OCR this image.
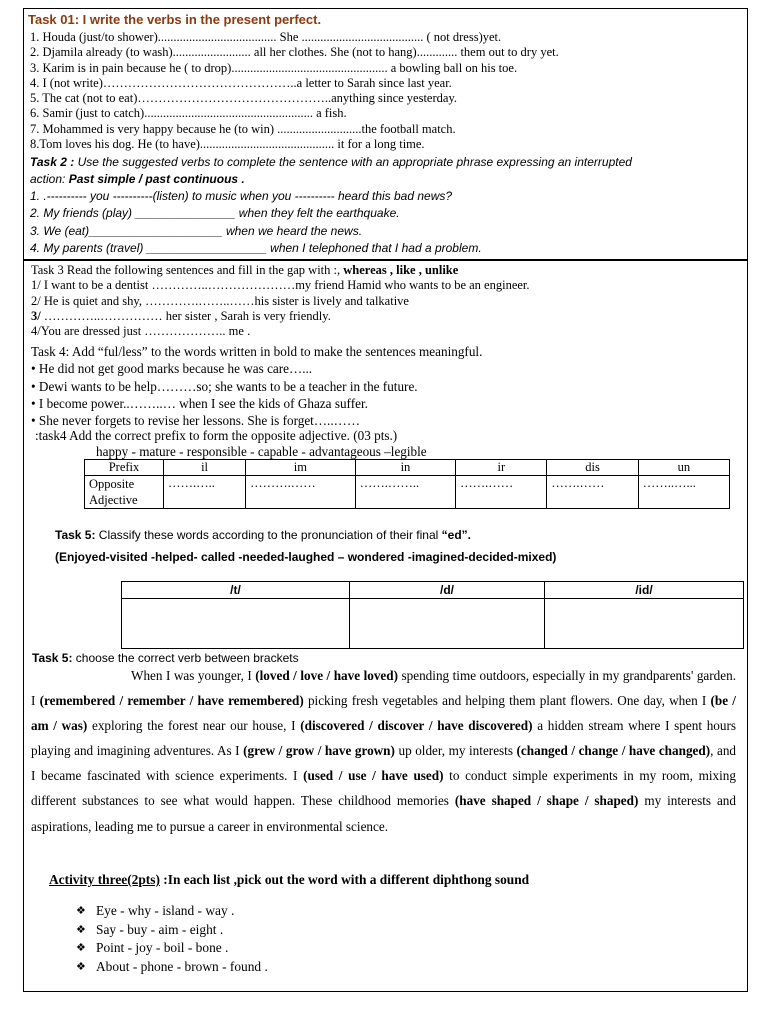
Task 01: I write the verbs in the present perfect.
1. Houda (just/to shower)...................................... She ....................................... ( not dress)yet.
2. Djamila already (to wash)......................... all her clothes. She (not to hang)............. them out to dry yet.
3. Karim is in pain because he ( to drop).................................................. a bowling ball on his toe.
4. I (not write)………………………………………..a letter to Sarah since last year.
5. The cat (not to eat)………………………………………..anything since yesterday.
6. Samir (just to catch)...................................................... a fish.
7. Mohammed is very happy because he (to win) ...........................the football match.
8.Tom loves his dog. He (to have)........................................... it for a long time.
Task 2 : Use the suggested verbs to complete the sentence with an appropriate phrase expressing an interrupted
action: Past simple / past continuous .
1. .---------- you ----------(listen) to music when you ---------- heard this bad news?
2. My friends (play) _______________ when they felt the earthquake.
3. We (eat)____________________ when we heard the news.
4. My parents (travel) __________________ when I telephoned that I had a problem.
Task 3 Read the following sentences and fill in the gap with :, whereas , like , unlike
1/ I want to be a dentist …………..…………………my friend Hamid who wants to be an engineer.
2/ He is quiet and shy, ………….……..……his sister is lively and talkative
3/ …………..…………… her sister , Sarah is very friendly.
4/You are dressed just ……………….. me .
Task 4: Add “ful/less” to the words written in bold to make the sentences meaningful.
• He did not get good marks because he was care…...
• Dewi wants to be help………so; she wants to be a teacher in the future.
• I become power..……..… when I see the kids of Ghaza suffer.
• She never forgets to revise her lessons. She is forget…..……
:task4 Add the correct prefix to form the opposite adjective. (03 pts.)
happy - mature - responsible - capable - advantageous –legible
Prefix	il	im	in	ir	dis	un

Opposite
Adjective	…….…..	……….……	…….……..	…….……	…….……	……..…...
Task 5: Classify these words according to the pronunciation of their final “ed”.
(Enjoyed-visited -helped- called -needed-laughed – wondered -imagined-decided-mixed)
/t/	/d/	/id/

Task 5: choose the correct verb between brackets
When I was younger, I (loved / love / have loved) spending time outdoors, especially in my grandparents' garden. I (remembered / remember / have remembered) picking fresh vegetables and helping them plant flowers. One day, when I (be / am / was) exploring the forest near our house, I (discovered / discover / have discovered) a hidden stream where I spent hours playing and imagining adventures. As I (grew / grow / have grown) up older, my interests (changed / change / have changed), and I became fascinated with science experiments. I (used / use / have used) to conduct simple experiments in my room, mixing different substances to see what would happen. These childhood memories (have shaped / shape / shaped) my interests and aspirations, leading me to pursue a career in environmental science.
Activity three(2pts) :In each list ,pick out the word with a different diphthong sound
❖ Eye - why - island - way .
❖ Say - buy - aim - eight .
❖ Point - joy - boil - bone .
❖ About - phone - brown - found .
